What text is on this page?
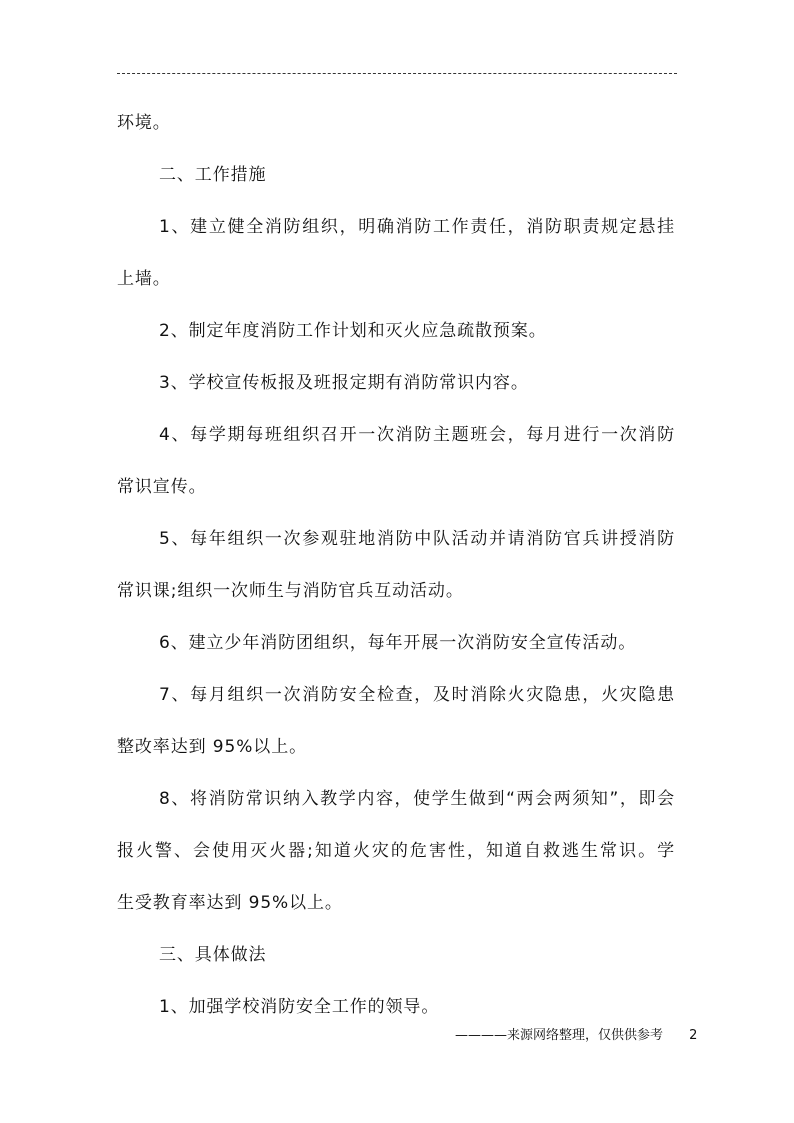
环境。
二、工作措施
1、建立健全消防组织，明确消防工作责任，消防职责规定悬挂
上墙。
2、制定年度消防工作计划和灭火应急疏散预案。
3、学校宣传板报及班报定期有消防常识内容。
4、每学期每班组织召开一次消防主题班会，每月进行一次消防
常识宣传。
5、每年组织一次参观驻地消防中队活动并请消防官兵讲授消防
常识课;组织一次师生与消防官兵互动活动。
6、建立少年消防团组织，每年开展一次消防安全宣传活动。
7、每月组织一次消防安全检查，及时消除火灾隐患，火灾隐患
整改率达到 95%以上。
8、将消防常识纳入教学内容，使学生做到“两会两须知”，即会
报火警、会使用灭火器;知道火灾的危害性，知道自救逃生常识。学
生受教育率达到 95%以上。
三、具体做法
1、加强学校消防安全工作的领导。
————来源网络整理，仅供供参考 2
